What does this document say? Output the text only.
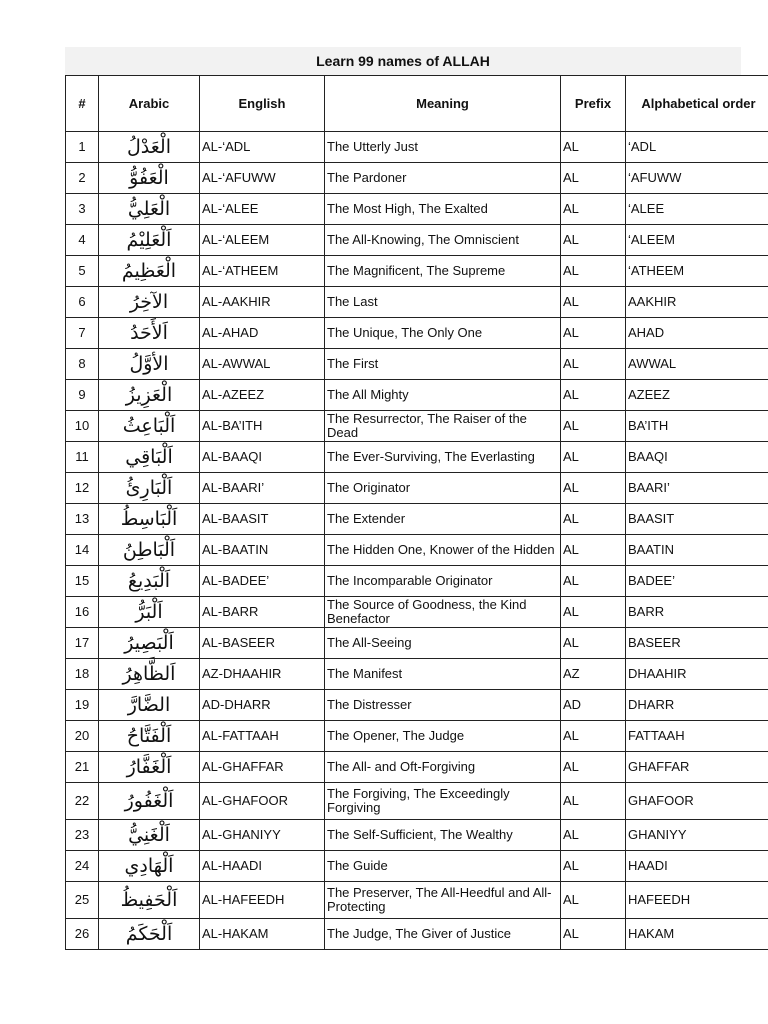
Learn 99 names of ALLAH
#	Arabic	English	Meaning	Prefix	Alphabetical order
1	الْعَدْلُ	AL-‘ADL	The Utterly Just	AL	‘ADL
2	الْعَفُوُّ	AL-‘AFUWW	The Pardoner	AL	‘AFUWW
3	الْعَلِيُّ	AL-‘ALEE	The Most High, The Exalted	AL	‘ALEE
4	اَلْعَلِيْمُ	AL-‘ALEEM	The All-Knowing, The Omniscient	AL	‘ALEEM
5	الْعَظِيمُ	AL-‘ATHEEM	The Magnificent, The Supreme	AL	‘ATHEEM
6	الآخِرُ	AL-AAKHIR	The Last	AL	AAKHIR
7	اَلأَحَدُ	AL-AHAD	The Unique, The Only One	AL	AHAD
8	الأوَّلُ	AL-AWWAL	The First	AL	AWWAL
9	الْعَزِيزُ	AL-AZEEZ	The All Mighty	AL	AZEEZ
10	اَلْبَاعِثُ	AL-BA’ITH	The Resurrector, The Raiser of the Dead	AL	BA’ITH
11	اَلْبَاقِي	AL-BAAQI	The Ever-Surviving, The Everlasting	AL	BAAQI
12	اَلْبَارِئُ	AL-BAARI’	The Originator	AL	BAARI’
13	اَلْبَاسِطُ	AL-BAASIT	The Extender	AL	BAASIT
14	اَلْبَاطِنُ	AL-BAATIN	The Hidden One, Knower of the Hidden	AL	BAATIN
15	اَلْبَدِيعُ	AL-BADEE’	The Incomparable Originator	AL	BADEE’
16	اَلْبَرُّ	AL-BARR	The Source of Goodness, the Kind Benefactor	AL	BARR
17	اَلْبَصِيرُ	AL-BASEER	The All-Seeing	AL	BASEER
18	اَلظَّاهِرُ	AZ-DHAAHIR	The Manifest	AZ	DHAAHIR
19	الضَّارَّ	AD-DHARR	The Distresser	AD	DHARR
20	اَلْفَتَّاحُ	AL-FATTAAH	The Opener, The Judge	AL	FATTAAH
21	اَلْغَفَّارُ	AL-GHAFFAR	The All- and Oft-Forgiving	AL	GHAFFAR
22	اَلْغَفُورُ	AL-GHAFOOR	The Forgiving, The Exceedingly Forgiving	AL	GHAFOOR
23	اَلْغَنِيُّ	AL-GHANIYY	The Self-Sufficient, The Wealthy	AL	GHANIYY
24	اَلْهَادِي	AL-HAADI	The Guide	AL	HAADI
25	اَلْحَفِيظُ	AL-HAFEEDH	The Preserver, The All-Heedful and All-Protecting	AL	HAFEEDH
26	اَلْحَكَمُ	AL-HAKAM	The Judge, The Giver of Justice	AL	HAKAM
